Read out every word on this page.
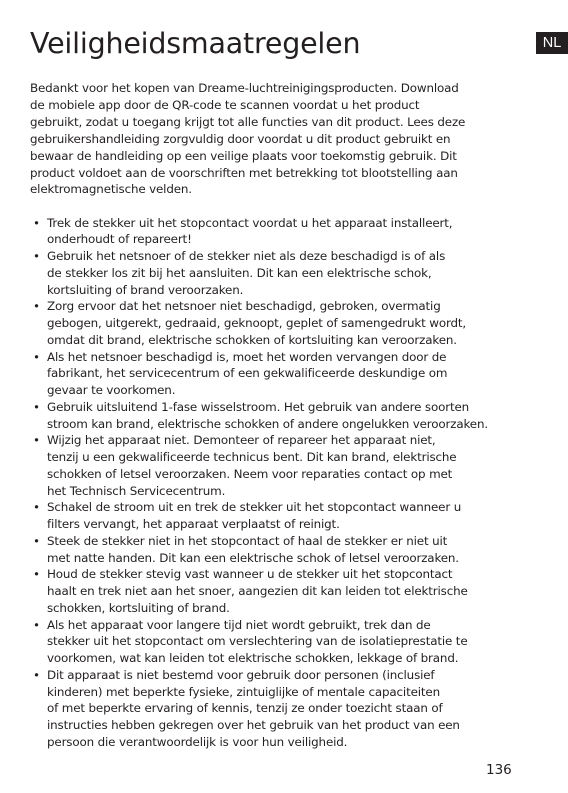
Veiligheidsmaatregelen	NL

Bedankt voor het kopen van Dreame-luchtreinigingsproducten. Download
de mobiele app door de QR-code te scannen voordat u het product
gebruikt, zodat u toegang krijgt tot alle functies van dit product. Lees deze
gebruikershandleiding zorgvuldig door voordat u dit product gebruikt en
bewaar de handleiding op een veilige plaats voor toekomstig gebruik. Dit
product voldoet aan de voorschriften met betrekking tot blootstelling aan
elektromagnetische velden.

• Trek de stekker uit het stopcontact voordat u het apparaat installeert,
onderhoudt of repareert!
• Gebruik het netsnoer of de stekker niet als deze beschadigd is of als
de stekker los zit bij het aansluiten. Dit kan een elektrische schok,
kortsluiting of brand veroorzaken.
• Zorg ervoor dat het netsnoer niet beschadigd, gebroken, overmatig
gebogen, uitgerekt, gedraaid, geknoopt, geplet of samengedrukt wordt,
omdat dit brand, elektrische schokken of kortsluiting kan veroorzaken.
• Als het netsnoer beschadigd is, moet het worden vervangen door de
fabrikant, het servicecentrum of een gekwalificeerde deskundige om
gevaar te voorkomen.
• Gebruik uitsluitend 1-fase wisselstroom. Het gebruik van andere soorten
stroom kan brand, elektrische schokken of andere ongelukken veroorzaken.
• Wijzig het apparaat niet. Demonteer of repareer het apparaat niet,
tenzij u een gekwalificeerde technicus bent. Dit kan brand, elektrische
schokken of letsel veroorzaken. Neem voor reparaties contact op met
het Technisch Servicecentrum.
• Schakel de stroom uit en trek de stekker uit het stopcontact wanneer u
filters vervangt, het apparaat verplaatst of reinigt.
• Steek de stekker niet in het stopcontact of haal de stekker er niet uit
met natte handen. Dit kan een elektrische schok of letsel veroorzaken.
• Houd de stekker stevig vast wanneer u de stekker uit het stopcontact
haalt en trek niet aan het snoer, aangezien dit kan leiden tot elektrische
schokken, kortsluiting of brand.
• Als het apparaat voor langere tijd niet wordt gebruikt, trek dan de
stekker uit het stopcontact om verslechtering van de isolatieprestatie te
voorkomen, wat kan leiden tot elektrische schokken, lekkage of brand.
• Dit apparaat is niet bestemd voor gebruik door personen (inclusief
kinderen) met beperkte fysieke, zintuiglijke of mentale capaciteiten
of met beperkte ervaring of kennis, tenzij ze onder toezicht staan of
instructies hebben gekregen over het gebruik van het product van een
persoon die verantwoordelijk is voor hun veiligheid.
136
